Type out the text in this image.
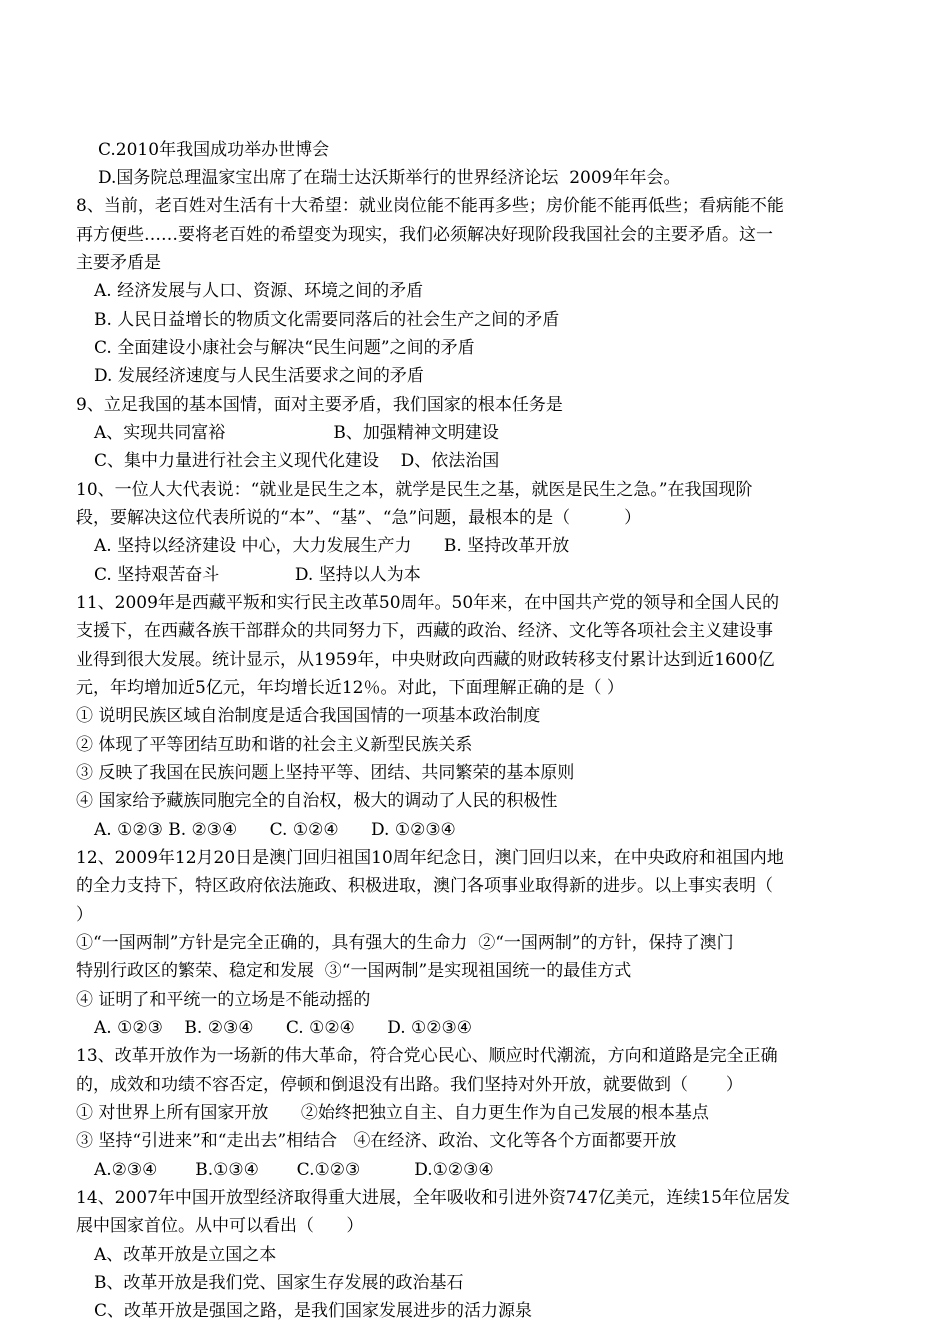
C.2010年我国成功举办世博会
D.国务院总理温家宝出席了在瑞士达沃斯举行的世界经济论坛  2009年年会。
8、当前，老百姓对生活有十大希望：就业岗位能不能再多些；房价能不能再低些；看病能不能
再方便些……要将老百姓的希望变为现实，我们必须解决好现阶段我国社会的主要矛盾。这一
主要矛盾是
A. 经济发展与人口、资源、环境之间的矛盾
B. 人民日益增长的物质文化需要同落后的社会生产之间的矛盾
C. 全面建设小康社会与解决“民生问题”之间的矛盾
D. 发展经济速度与人民生活要求之间的矛盾
9、立足我国的基本国情，面对主要矛盾，我们国家的根本任务是
A、实现共同富裕                    B、加强精神文明建设
C、集中力量进行社会主义现代化建设    D、依法治国
10、一位人大代表说：“就业是民生之本，就学是民生之基，就医是民生之急。”在我国现阶
段，要解决这位代表所说的“本”、“基”、“急”问题，最根本的是（          ）
A. 坚持以经济建设 中心，大力发展生产力      B. 坚持改革开放
C. 坚持艰苦奋斗              D. 坚持以人为本
11、2009年是西藏平叛和实行民主改革50周年。50年来，在中国共产党的领导和全国人民的
支援下，在西藏各族干部群众的共同努力下，西藏的政治、经济、文化等各项社会主义建设事
业得到很大发展。统计显示，从1959年，中央财政向西藏的财政转移支付累计达到近1600亿
元，年均增加近5亿元，年均增长近12％。对此，下面理解正确的是（ ）
① 说明民族区域自治制度是适合我国国情的一项基本政治制度
② 体现了平等团结互助和谐的社会主义新型民族关系
③ 反映了我国在民族问题上坚持平等、团结、共同繁荣的基本原则
④ 国家给予藏族同胞完全的自治权，极大的调动了人民的积极性
A. ①②③ B. ②③④      C. ①②④      D. ①②③④
12、2009年12月20日是澳门回归祖国10周年纪念日，澳门回归以来，在中央政府和祖国内地
的全力支持下，特区政府依法施政、积极进取，澳门各项事业取得新的进步。以上事实表明（
）
①“一国两制”方针是完全正确的，具有强大的生命力  ②“一国两制”的方针，保持了澳门
特别行政区的繁荣、稳定和发展  ③“一国两制”是实现祖国统一的最佳方式
④ 证明了和平统一的立场是不能动摇的
A. ①②③    B. ②③④      C. ①②④      D. ①②③④
13、改革开放作为一场新的伟大革命，符合党心民心、顺应时代潮流，方向和道路是完全正确
的，成效和功绩不容否定，停顿和倒退没有出路。我们坚持对外开放，就要做到（       ）
① 对世界上所有国家开放      ②始终把独立自主、自力更生作为自己发展的根本基点
③ 坚持“引进来”和“走出去”相结合   ④在经济、政治、文化等各个方面都要开放
A.②③④       B.①③④       C.①②③          D.①②③④
14、2007年中国开放型经济取得重大进展，全年吸收和引进外资747亿美元，连续15年位居发
展中国家首位。从中可以看出（      ）
A、改革开放是立国之本
B、改革开放是我们党、国家生存发展的政治基石
C、改革开放是强国之路，是我们国家发展进步的活力源泉
